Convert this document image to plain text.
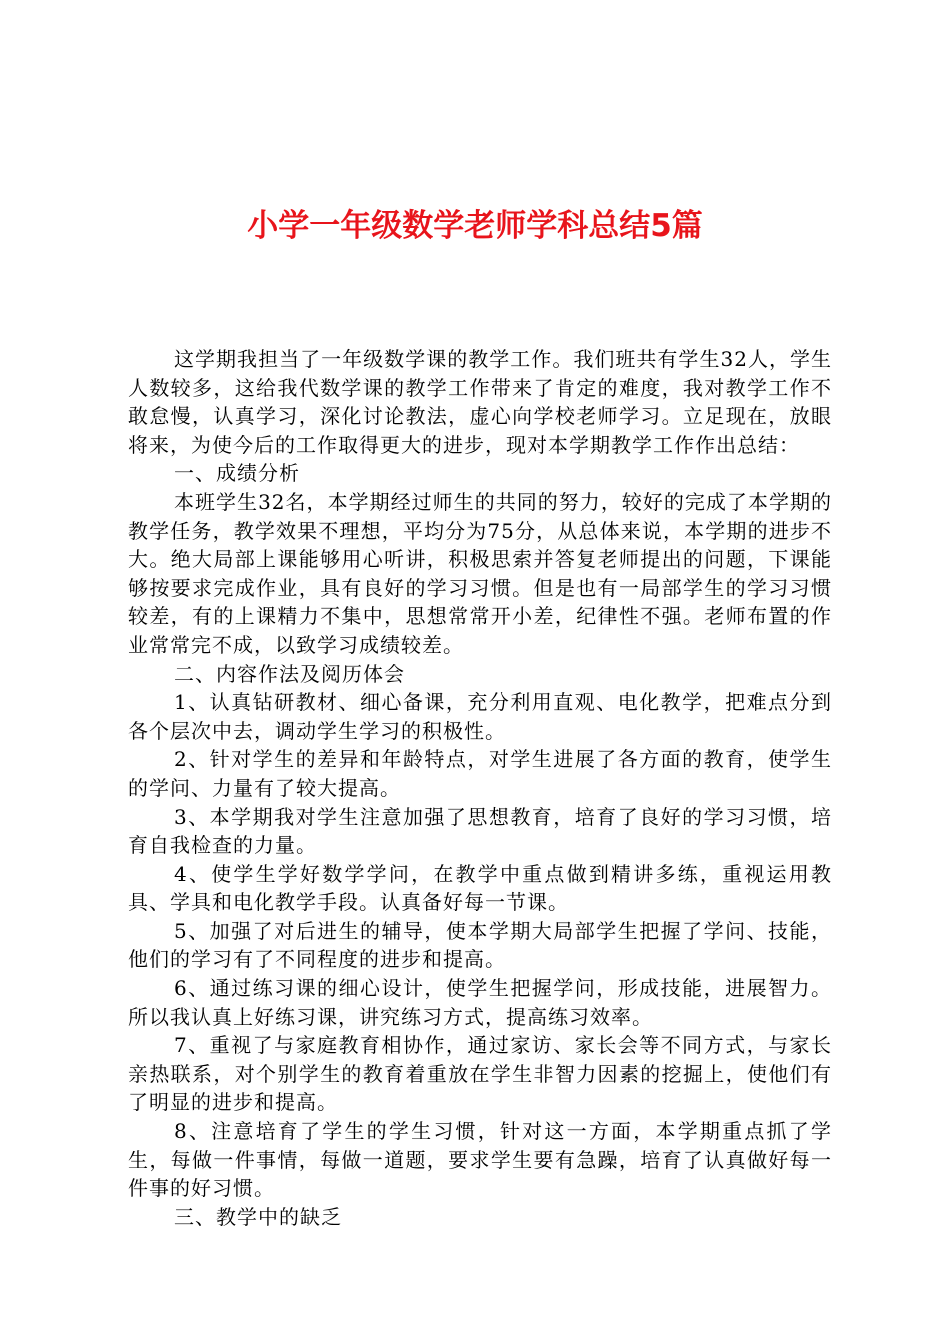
小学一年级数学老师学科总结5篇

这学期我担当了一年级数学课的教学工作。我们班共有学生32人，学生人数较多，这给我代数学课的教学工作带来了肯定的难度，我对教学工作不敢怠慢，认真学习，深化讨论教法，虚心向学校老师学习。立足现在，放眼将来，为使今后的工作取得更大的进步，现对本学期教学工作作出总结：

一、成绩分析

本班学生32名，本学期经过师生的共同的努力，较好的完成了本学期的教学任务，教学效果不理想，平均分为75分，从总体来说，本学期的进步不大。绝大局部上课能够用心听讲，积极思索并答复老师提出的问题，下课能够按要求完成作业，具有良好的学习习惯。但是也有一局部学生的学习习惯较差，有的上课精力不集中，思想常常开小差，纪律性不强。老师布置的作业常常完不成，以致学习成绩较差。

二、内容作法及阅历体会

1、认真钻研教材、细心备课，充分利用直观、电化教学，把难点分到各个层次中去，调动学生学习的积极性。

2、针对学生的差异和年龄特点，对学生进展了各方面的教育，使学生的学问、力量有了较大提高。

3、本学期我对学生注意加强了思想教育，培育了良好的学习习惯，培育自我检查的力量。

4、使学生学好数学学问，在教学中重点做到精讲多练，重视运用教具、学具和电化教学手段。认真备好每一节课。

5、加强了对后进生的辅导，使本学期大局部学生把握了学问、技能，他们的学习有了不同程度的进步和提高。

6、通过练习课的细心设计，使学生把握学问，形成技能，进展智力。所以我认真上好练习课，讲究练习方式，提高练习效率。

7、重视了与家庭教育相协作，通过家访、家长会等不同方式，与家长亲热联系，对个别学生的教育着重放在学生非智力因素的挖掘上，使他们有了明显的进步和提高。

8、注意培育了学生的学生习惯，针对这一方面，本学期重点抓了学生，每做一件事情，每做一道题，要求学生要有急躁，培育了认真做好每一件事的好习惯。

三、教学中的缺乏
